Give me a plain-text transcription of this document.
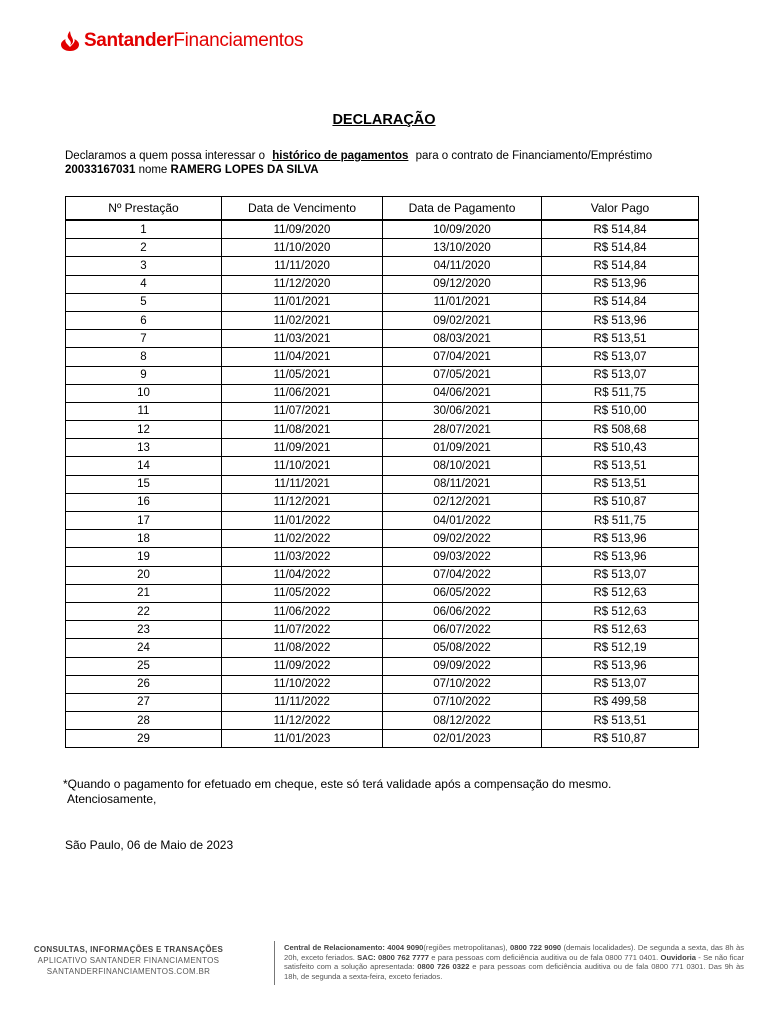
Santander Financiamentos
DECLARAÇÃO
Declaramos a quem possa interessar o histórico de pagamentos para o contrato de Financiamento/Empréstimo
20033167031 nome RAMERG LOPES DA SILVA
Nº Prestação	Data de Vencimento	Data de Pagamento	Valor Pago
1	11/09/2020	10/09/2020	R$ 514,84
2	11/10/2020	13/10/2020	R$ 514,84
3	11/11/2020	04/11/2020	R$ 514,84
4	11/12/2020	09/12/2020	R$ 513,96
5	11/01/2021	11/01/2021	R$ 514,84
6	11/02/2021	09/02/2021	R$ 513,96
7	11/03/2021	08/03/2021	R$ 513,51
8	11/04/2021	07/04/2021	R$ 513,07
9	11/05/2021	07/05/2021	R$ 513,07
10	11/06/2021	04/06/2021	R$ 511,75
11	11/07/2021	30/06/2021	R$ 510,00
12	11/08/2021	28/07/2021	R$ 508,68
13	11/09/2021	01/09/2021	R$ 510,43
14	11/10/2021	08/10/2021	R$ 513,51
15	11/11/2021	08/11/2021	R$ 513,51
16	11/12/2021	02/12/2021	R$ 510,87
17	11/01/2022	04/01/2022	R$ 511,75
18	11/02/2022	09/02/2022	R$ 513,96
19	11/03/2022	09/03/2022	R$ 513,96
20	11/04/2022	07/04/2022	R$ 513,07
21	11/05/2022	06/05/2022	R$ 512,63
22	11/06/2022	06/06/2022	R$ 512,63
23	11/07/2022	06/07/2022	R$ 512,63
24	11/08/2022	05/08/2022	R$ 512,19
25	11/09/2022	09/09/2022	R$ 513,96
26	11/10/2022	07/10/2022	R$ 513,07
27	11/11/2022	07/10/2022	R$ 499,58
28	11/12/2022	08/12/2022	R$ 513,51
29	11/01/2023	02/01/2023	R$ 510,87
*Quando o pagamento for efetuado em cheque, este só terá validade após a compensação do mesmo.
Atenciosamente,
São Paulo, 06 de Maio de 2023
CONSULTAS, INFORMAÇÕES E TRANSAÇÕES
APLICATIVO SANTANDER FINANCIAMENTOS
SANTANDERFINANCIAMENTOS.COM.BR
Central de Relacionamento: 4004 9090(regiões metropolitanas), 0800 722 9090 (demais localidades). De segunda a sexta, das 8h às 20h, exceto feriados. SAC: 0800 762 7777 e para pessoas com deficiência auditiva ou de fala 0800 771 0401. Ouvidoria - Se não ficar satisfeito com a solução apresentada: 0800 726 0322 e para pessoas com deficiência auditiva ou de fala 0800 771 0301. Das 9h às 18h, de segunda a sexta-feira, exceto feriados.
